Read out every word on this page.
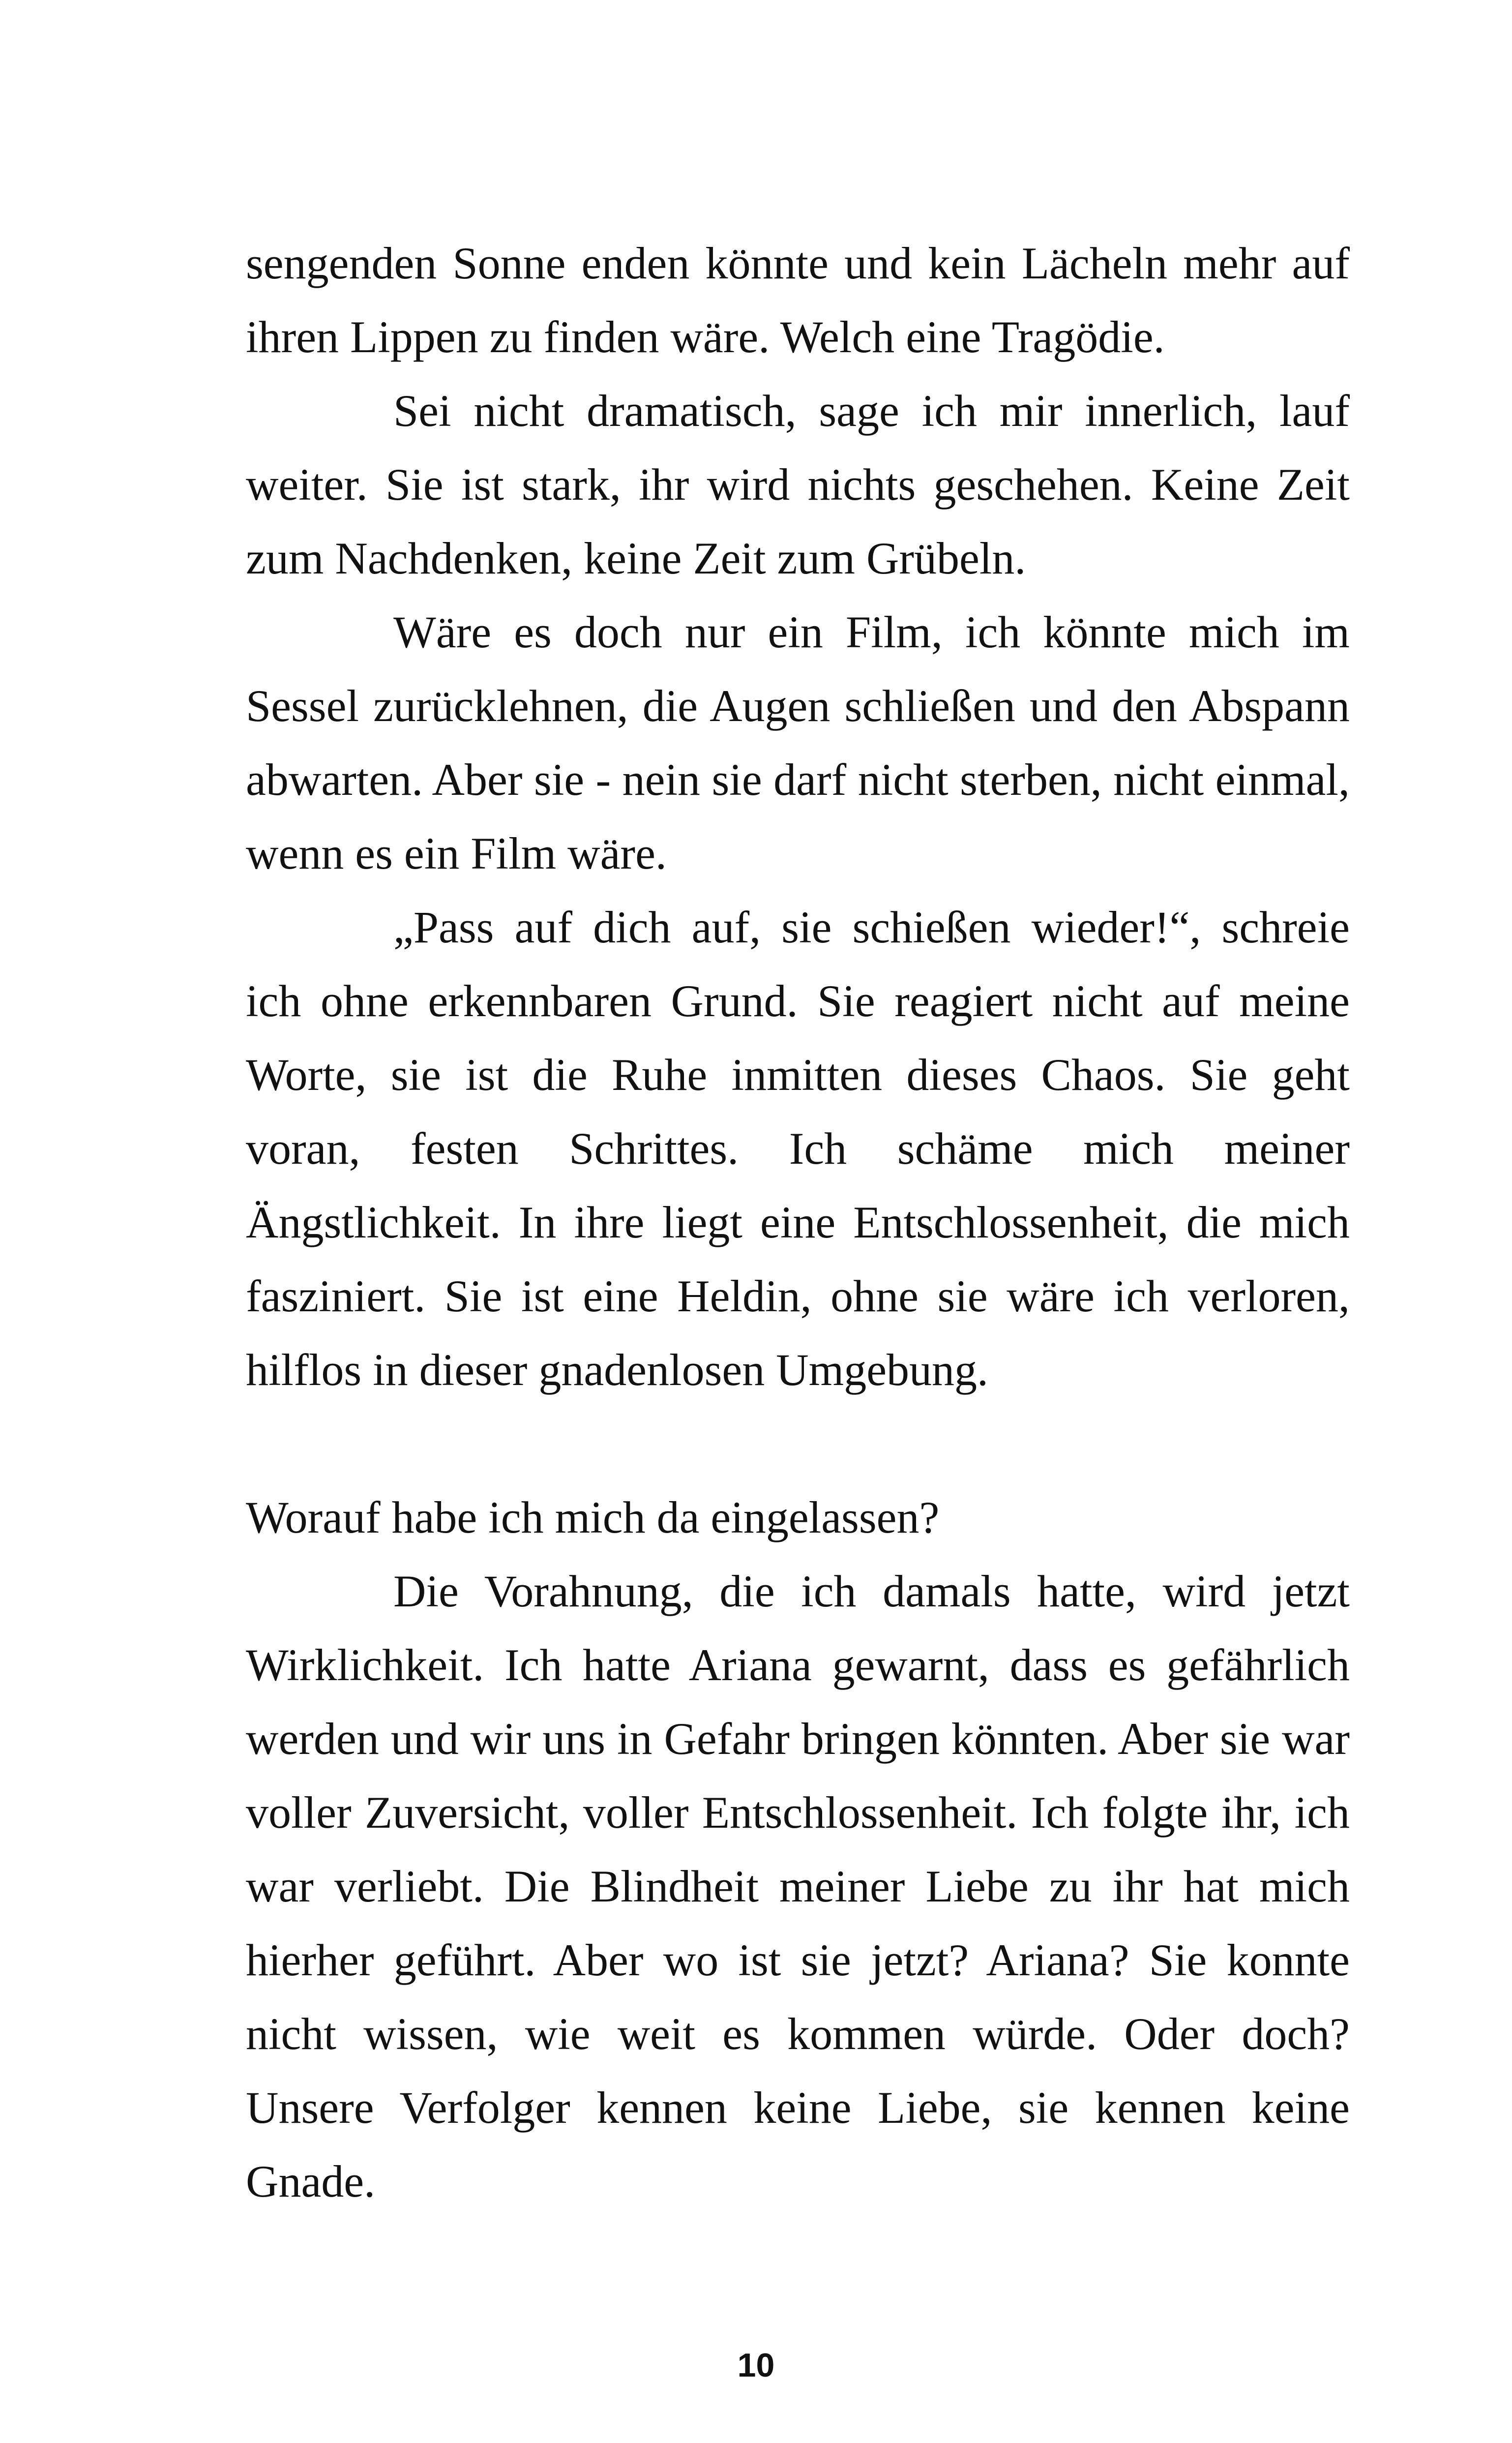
sengenden Sonne enden könnte und kein Lächeln mehr auf ihren Lippen zu finden wäre. Welch eine Tragödie.

Sei nicht dramatisch, sage ich mir innerlich, lauf weiter. Sie ist stark, ihr wird nichts geschehen. Keine Zeit zum Nachdenken, keine Zeit zum Grübeln.

Wäre es doch nur ein Film, ich könnte mich im Sessel zurücklehnen, die Augen schließen und den Abspann abwarten. Aber sie - nein sie darf nicht sterben, nicht einmal, wenn es ein Film wäre.

„Pass auf dich auf, sie schießen wieder!“, schreie ich ohne erkennbaren Grund. Sie reagiert nicht auf meine Worte, sie ist die Ruhe inmitten dieses Chaos. Sie geht voran, festen Schrittes. Ich schäme mich meiner Ängstlichkeit. In ihre liegt eine Entschlossenheit, die mich fasziniert. Sie ist eine Heldin, ohne sie wäre ich verloren, hilflos in dieser gnadenlosen Umgebung.

Worauf habe ich mich da eingelassen?

Die Vorahnung, die ich damals hatte, wird jetzt Wirklichkeit. Ich hatte Ariana gewarnt, dass es gefährlich werden und wir uns in Gefahr bringen könnten. Aber sie war voller Zuversicht, voller Entschlossenheit. Ich folgte ihr, ich war verliebt. Die Blindheit meiner Liebe zu ihr hat mich hierher geführt. Aber wo ist sie jetzt? Ariana? Sie konnte nicht wissen, wie weit es kommen würde. Oder doch? Unsere Verfolger kennen keine Liebe, sie kennen keine Gnade.

10
